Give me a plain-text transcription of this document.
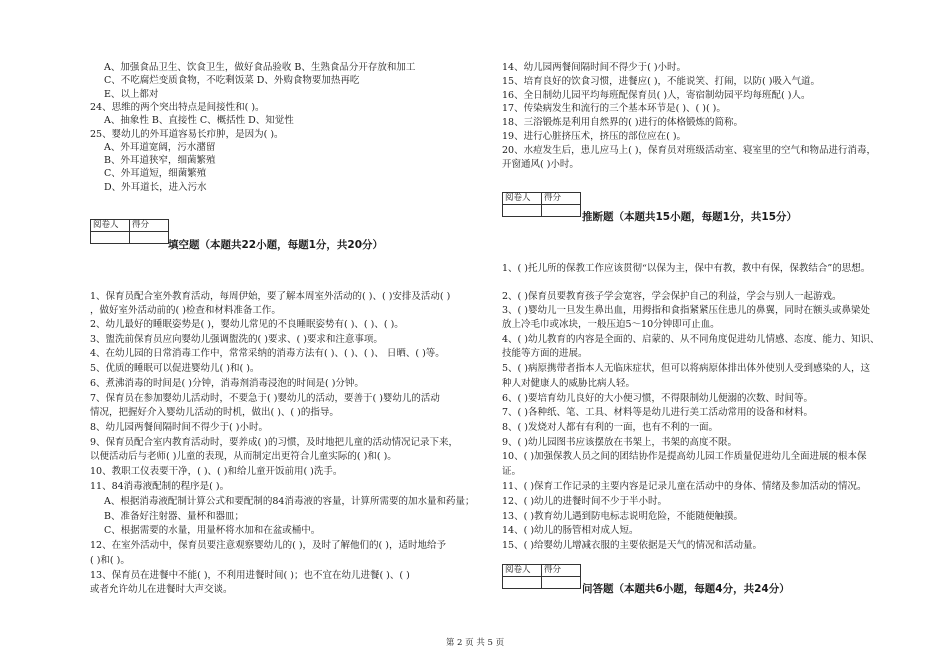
A、加强食品卫生、饮食卫生，做好食品验收 B、生熟食品分开存放和加工
C、不吃腐烂变质食物，不吃剩饭菜 D、外购食物要加热再吃
E、以上都对
24、思维的两个突出特点是间接性和( )。
A、抽象性 B、直接性 C、概括性 D、知觉性
25、婴幼儿的外耳道容易长疖肿，是因为( )。
A、外耳道宽阔，污水潴留
B、外耳道狭窄，细菌繁殖
C、外耳道短，细菌繁殖
D、外耳道长，进入污水
阅卷人	得分

填空题（本题共22小题，每题1分，共20分）
1、保育员配合室外教育活动，每周伊始，要了解本周室外活动的( )、( )安排及活动( )
，做好室外活动前的( )检查和材料准备工作。
2、幼儿最好的睡眠姿势是( )，婴幼儿常见的不良睡眠姿势有( )、( )、( )。
3、盥洗前保育员应向婴幼儿强调盥洗的( )要求、( )要求和注意事项。
4、在幼儿园的日常消毒工作中，常常采纳的消毒方法有( )、( )、( )、 日晒、( )等。
5、优质的睡眠可以促进婴幼儿( )和( )。
6、煮沸消毒的时间是( )分钟，消毒剂消毒浸泡的时间是( )分钟。
7、保育员在参加婴幼儿活动时，不要急于( )婴幼儿的活动，要善于( )婴幼儿的活动
情况，把握好介入婴幼儿活动的时机，做出( )、( )的指导。
8、幼儿园两餐间隔时间不得少于( )小时。
9、保育员配合室内教育活动时，要养成( )的习惯，及时地把儿童的活动情况记录下来，
以便活动后与老师( )儿童的表现，从而制定出更符合儿童实际的( )和( )。
10、教职工仪表要干净，( )、( )和给儿童开饭前用( )洗手。
11、84消毒液配制的程序是( )。
A、根据消毒液配制计算公式和要配制的84消毒液的容量，计算所需要的加水量和药量；
B、准备好注射器、量杯和器皿；
C、根据需要的水量，用量杯将水加和在盆或桶中。
12、在室外活动中，保育员要注意观察婴幼儿的( )，及时了解他们的( )，适时地给予
( )和( )。
13、保育员在进餐中不能( )，不利用进餐时间( )；也不宜在幼儿进餐( )、( )
或者允许幼儿在进餐时大声交谈。
14、幼儿园两餐间隔时间不得少于( )小时。
15、培育良好的饮食习惯，进餐应( )，不能说笑、打闹，以防( )吸入气道。
16、全日制幼儿园平均每班配保育员( )人，寄宿制幼园平均每班配( )人。
17、传染病发生和流行的三个基本环节是( )、( )( )。
18、三浴锻炼是利用自然界的( )进行的体格锻炼的简称。
19、进行心脏挤压术，挤压的部位应在( )。
20、水痘发生后，患儿应马上( )，保育员对班级活动室、寝室里的空气和物品进行消毒，
开窗通风( )小时。
阅卷人	得分

推断题（本题共15小题，每题1分，共15分）
1、( )托儿所的保教工作应该贯彻“以保为主，保中有教，教中有保，保教结合”的思想。
2、( )保育员要教育孩子学会宽容，学会保护自己的利益，学会与别人一起游戏。
3、( )婴幼儿一旦发生鼻出血，用拇指和食指紧紧压住患儿的鼻翼，同时在额头或鼻梁处
放上冷毛巾或冰块，一般压迫5～10分钟即可止血。
4、( )幼儿教育的内容是全面的、启蒙的、从不同角度促进幼儿情感、态度、能力、知识、
技能等方面的进展。
5、( )病原携带者指本人无临床症状，但可以将病原体排出体外使别人受到感染的人，这
种人对健康人的威胁比病人轻。
6、( )要培育幼儿良好的大小便习惯，不得限制幼儿便溺的次数、时间等。
7、( )各种纸、笔、工具、材料等是幼儿进行美工活动常用的设备和材料。
8、( )发烧对人都有有利的一面，也有不利的一面。
9、( )幼儿园图书应该摆放在书架上，书架的高度不限。
10、( )加强保教人员之间的团结协作是提高幼儿园工作质量促进幼儿全面进展的根本保
证。
11、( )保育工作记录的主要内容是记录儿童在活动中的身体、情绪及参加活动的情况。
12、( )幼儿的进餐时间不少于半小时。
13、( )教育幼儿遇到防电标志说明危险，不能随便触摸。
14、( )幼儿的肠管相对成人短。
15、( )给婴幼儿增减衣服的主要依据是天气的情况和活动量。
阅卷人	得分

问答题（本题共6小题，每题4分，共24分）
第 2 页 共 5 页
